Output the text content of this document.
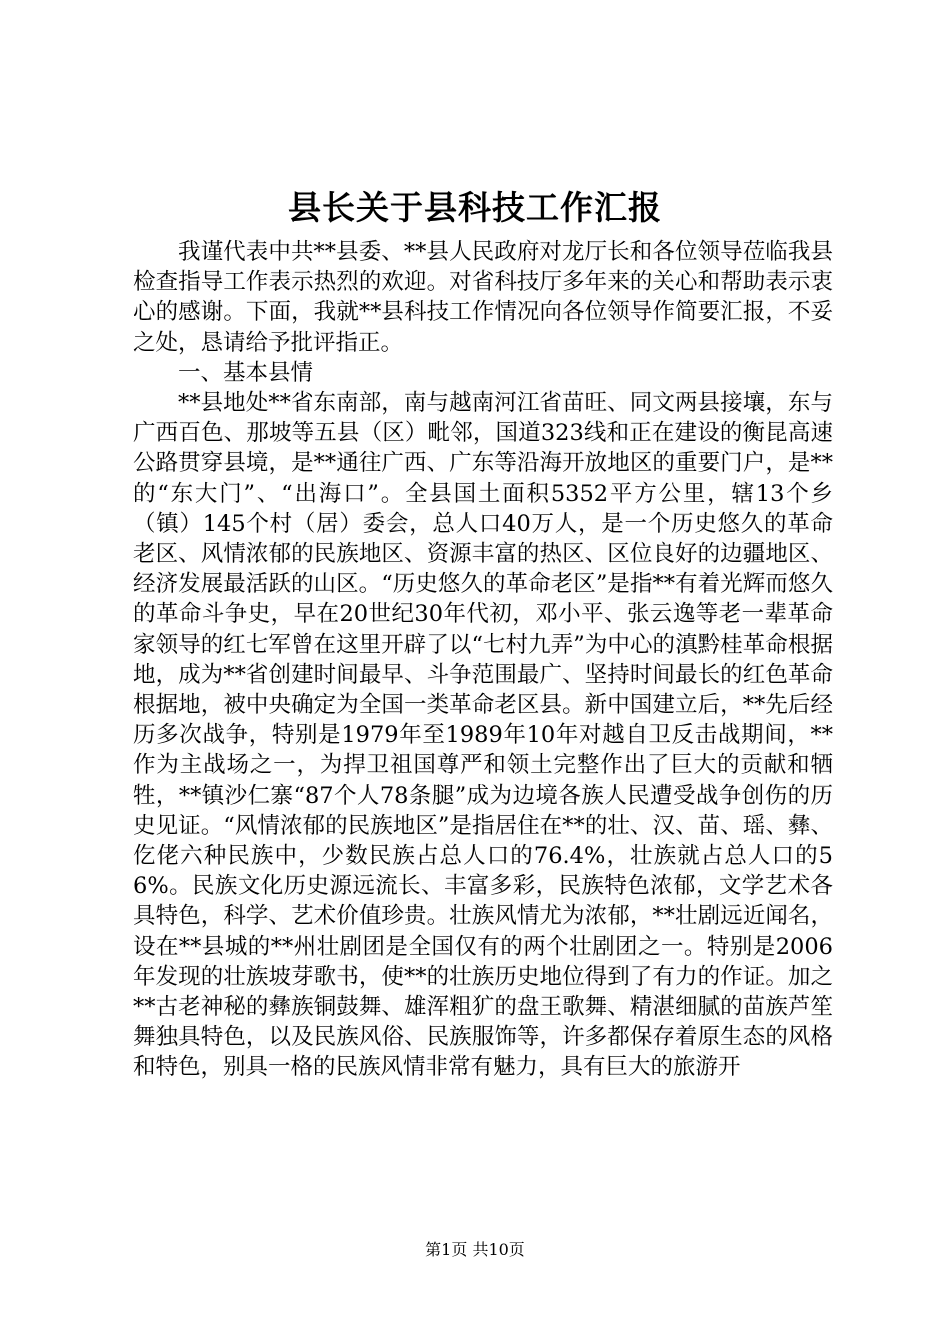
县长关于县科技工作汇报

我谨代表中共**县委、**县人民政府对龙厅长和各位领导莅临我县检查指导工作表示热烈的欢迎。对省科技厅多年来的关心和帮助表示衷心的感谢。下面，我就**县科技工作情况向各位领导作简要汇报，不妥之处，恳请给予批评指正。

一、基本县情

**县地处**省东南部，南与越南河江省苗旺、同文两县接壤，东与广西百色、那坡等五县（区）毗邻，国道323线和正在建设的衡昆高速公路贯穿县境，是**通往广西、广东等沿海开放地区的重要门户，是**的“东大门”、“出海口”。全县国土面积5352平方公里，辖13个乡（镇）145个村（居）委会，总人口40万人，是一个历史悠久的革命老区、风情浓郁的民族地区、资源丰富的热区、区位良好的边疆地区、经济发展最活跃的山区。“历史悠久的革命老区”是指**有着光辉而悠久的革命斗争史，早在20世纪30年代初，邓小平、张云逸等老一辈革命家领导的红七军曾在这里开辟了以“七村九弄”为中心的滇黔桂革命根据地，成为**省创建时间最早、斗争范围最广、坚持时间最长的红色革命根据地，被中央确定为全国一类革命老区县。新中国建立后，**先后经历多次战争，特别是1979年至1989年10年对越自卫反击战期间，**作为主战场之一，为捍卫祖国尊严和领土完整作出了巨大的贡献和牺牲，**镇沙仁寨“87个人78条腿”成为边境各族人民遭受战争创伤的历史见证。“风情浓郁的民族地区”是指居住在**的壮、汉、苗、瑶、彝、仡佬六种民族中，少数民族占总人口的76.4%，壮族就占总人口的56%。民族文化历史源远流长、丰富多彩，民族特色浓郁，文学艺术各具特色，科学、艺术价值珍贵。壮族风情尤为浓郁，**壮剧远近闻名，设在**县城的**州壮剧团是全国仅有的两个壮剧团之一。特别是2006年发现的壮族坡芽歌书，使**的壮族历史地位得到了有力的作证。加之**古老神秘的彝族铜鼓舞、雄浑粗犷的盘王歌舞、精湛细腻的苗族芦笙舞独具特色，以及民族风俗、民族服饰等，许多都保存着原生态的风格和特色，别具一格的民族风情非常有魅力，具有巨大的旅游开

第1页 共10页
